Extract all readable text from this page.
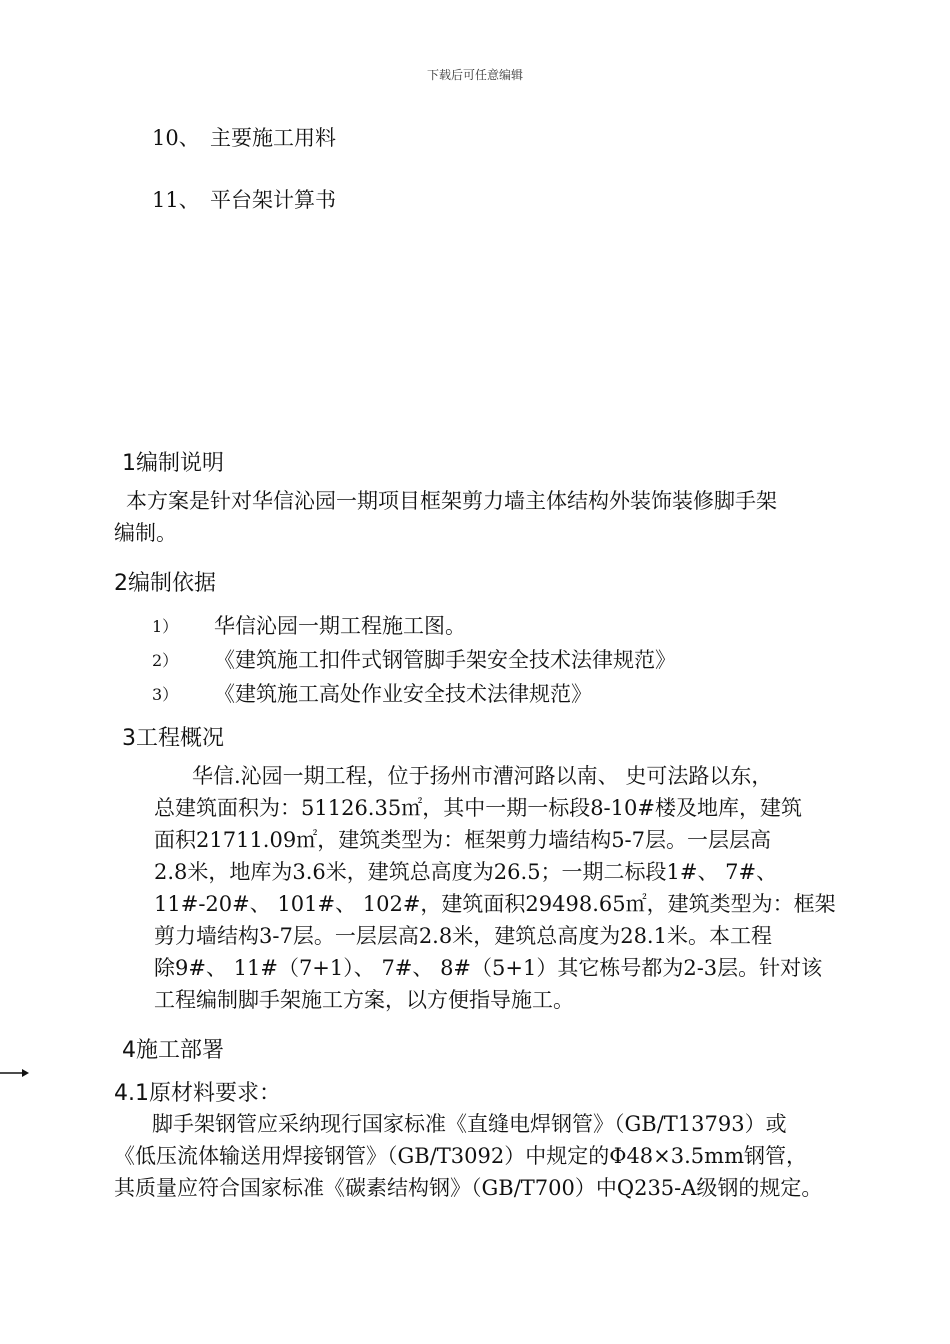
下载后可任意编辑
10、 主要施工用料
11、 平台架计算书
1编制说明
本方案是针对华信沁园一期项目框架剪力墙主体结构外装饰装修脚手架
编制。
2编制依据
1） 华信沁园一期工程施工图。
2） 《建筑施工扣件式钢管脚手架安全技术法律规范》
3） 《建筑施工高处作业安全技术法律规范》
3工程概况
华信.沁园一期工程，位于扬州市漕河路以南、 史可法路以东，
总建筑面积为：51126.35㎡，其中一期一标段8-10#楼及地库，建筑
面积21711.09㎡，建筑类型为：框架剪力墙结构5-7层。一层层高
2.8米，地库为3.6米，建筑总高度为26.5；一期二标段1#、 7#、
11#-20#、 101#、 102#，建筑面积29498.65㎡，建筑类型为：框架
剪力墙结构3-7层。一层层高2.8米，建筑总高度为28.1米。本工程
除9#、 11#（7+1）、 7#、 8#（5+1）其它栋号都为2-3层。针对该
工程编制脚手架施工方案，以方便指导施工。
4施工部署
4.1原材料要求：
脚手架钢管应采纳现行国家标准《直缝电焊钢管》（GB/T13793）或
《低压流体输送用焊接钢管》（GB/T3092）中规定的Φ48×3.5mm钢管，
其质量应符合国家标准《碳素结构钢》（GB/T700）中Q235-A级钢的规定。
